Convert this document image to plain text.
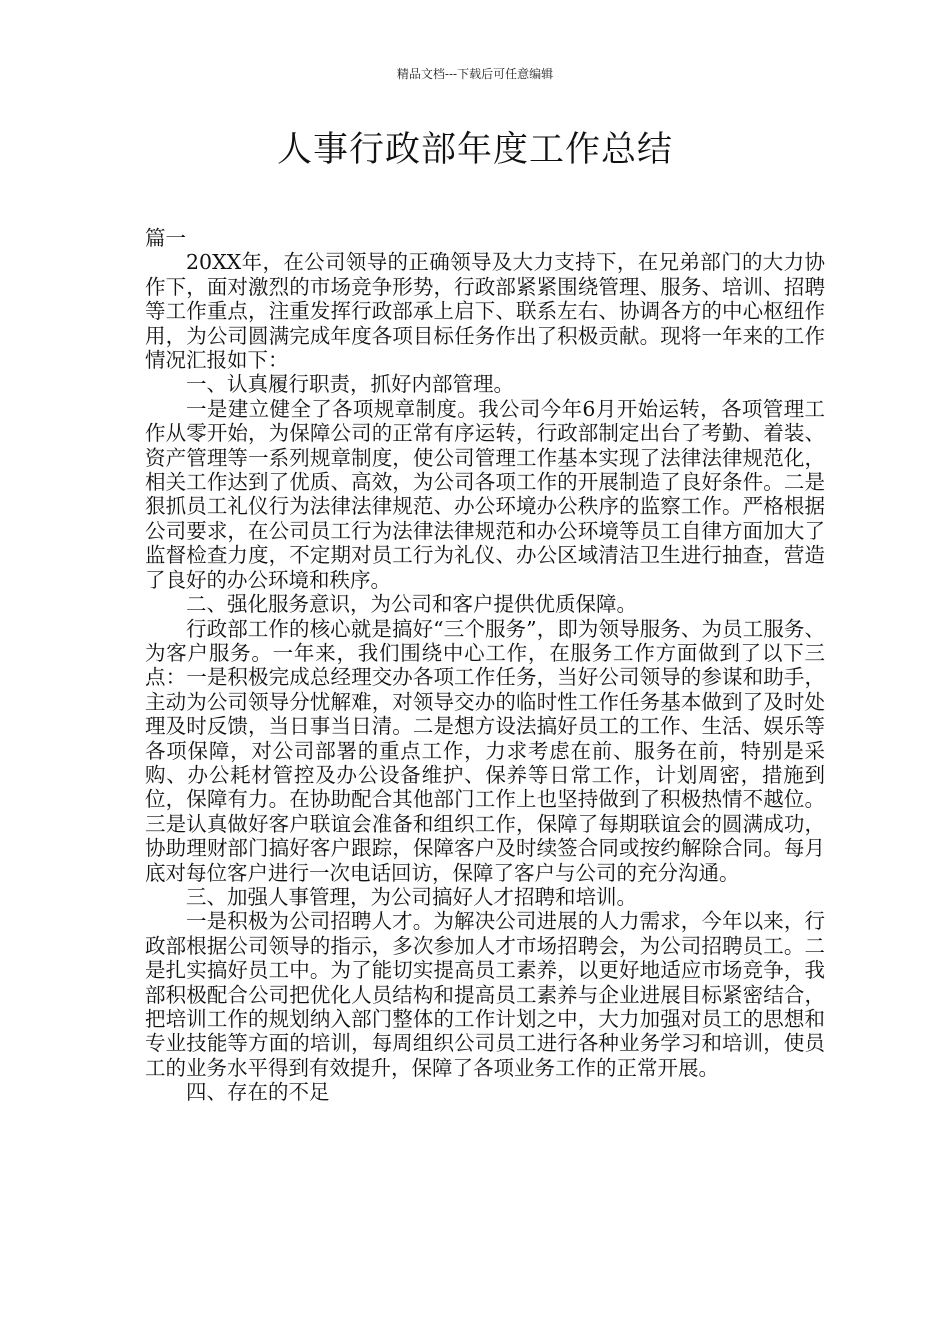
精品文档---下载后可任意编辑
人事行政部年度工作总结

篇一

20XX年，在公司领导的正确领导及大力支持下，在兄弟部门的大力协作下，面对激烈的市场竞争形势，行政部紧紧围绕管理、服务、培训、招聘等工作重点，注重发挥行政部承上启下、联系左右、协调各方的中心枢纽作用，为公司圆满完成年度各项目标任务作出了积极贡献。现将一年来的工作情况汇报如下：

一、认真履行职责，抓好内部管理。

一是建立健全了各项规章制度。我公司今年6月开始运转，各项管理工作从零开始，为保障公司的正常有序运转，行政部制定出台了考勤、着装、资产管理等一系列规章制度，使公司管理工作基本实现了法律法律规范化，相关工作达到了优质、高效，为公司各项工作的开展制造了良好条件。二是狠抓员工礼仪行为法律法律规范、办公环境办公秩序的监察工作。严格根据公司要求，在公司员工行为法律法律规范和办公环境等员工自律方面加大了监督检查力度，不定期对员工行为礼仪、办公区域清洁卫生进行抽查，营造了良好的办公环境和秩序。

二、强化服务意识，为公司和客户提供优质保障。

行政部工作的核心就是搞好“三个服务”，即为领导服务、为员工服务、为客户服务。一年来，我们围绕中心工作，在服务工作方面做到了以下三点：一是积极完成总经理交办各项工作任务，当好公司领导的参谋和助手，主动为公司领导分忧解难，对领导交办的临时性工作任务基本做到了及时处理及时反馈，当日事当日清。二是想方设法搞好员工的工作、生活、娱乐等各项保障，对公司部署的重点工作，力求考虑在前、服务在前，特别是采购、办公耗材管控及办公设备维护、保养等日常工作，计划周密，措施到位，保障有力。在协助配合其他部门工作上也坚持做到了积极热情不越位。三是认真做好客户联谊会准备和组织工作，保障了每期联谊会的圆满成功，协助理财部门搞好客户跟踪，保障客户及时续签合同或按约解除合同。每月底对每位客户进行一次电话回访，保障了客户与公司的充分沟通。

三、加强人事管理，为公司搞好人才招聘和培训。

一是积极为公司招聘人才。为解决公司进展的人力需求，今年以来，行政部根据公司领导的指示，多次参加人才市场招聘会，为公司招聘员工。二是扎实搞好员工中。为了能切实提高员工素养，以更好地适应市场竞争，我部积极配合公司把优化人员结构和提高员工素养与企业进展目标紧密结合，把培训工作的规划纳入部门整体的工作计划之中，大力加强对员工的思想和专业技能等方面的培训，每周组织公司员工进行各种业务学习和培训，使员工的业务水平得到有效提升，保障了各项业务工作的正常开展。

四、存在的不足
